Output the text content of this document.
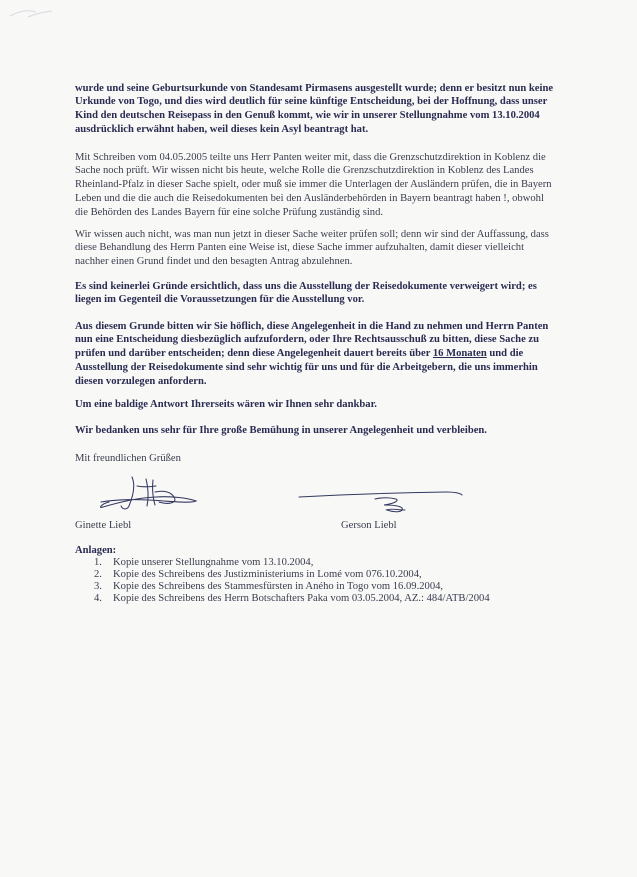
wurde und seine Geburtsurkunde von Standesamt Pirmasens ausgestellt wurde; denn er besitzt nun keine Urkunde von Togo, und dies wird deutlich für seine künftige Entscheidung, bei der Hoffnung, dass unser Kind den deutschen Reisepass in den Genuß kommt, wie wir in unserer Stellungnahme vom 13.10.2004 ausdrücklich erwähnt haben, weil dieses kein Asyl beantragt hat.

Mit Schreiben vom 04.05.2005 teilte uns Herr Panten weiter mit, dass die Grenzschutzdirektion in Koblenz die Sache noch prüft. Wir wissen nicht bis heute, welche Rolle die Grenzschutzdirektion in Koblenz des Landes Rheinland-Pfalz in dieser Sache spielt, oder muß sie immer die Unterlagen der Ausländern prüfen, die in Bayern Leben und die die auch die Reisedokumenten bei den Ausländerbehörden in Bayern beantragt haben !, obwohl die Behörden des Landes Bayern für eine solche Prüfung zuständig sind.

Wir wissen auch nicht, was man nun jetzt in dieser Sache weiter prüfen soll; denn wir sind der Auffassung, dass diese Behandlung des Herrn Panten eine Weise ist, diese Sache immer aufzuhalten, damit dieser vielleicht nachher einen Grund findet und den besagten Antrag abzulehnen.

Es sind keinerlei Gründe ersichtlich, dass uns die Ausstellung der Reisedokumente verweigert wird; es liegen im Gegenteil die Voraussetzungen für die Ausstellung vor.

Aus diesem Grunde bitten wir Sie höflich, diese Angelegenheit in die Hand zu nehmen und Herrn Panten nun eine Entscheidung diesbezüglich aufzufordern, oder Ihre Rechtsausschuß zu bitten, diese Sache zu prüfen und darüber entscheiden; denn diese Angelegenheit dauert bereits über 16 Monaten und die Ausstellung der Reisedokumente sind sehr wichtig für uns und für die Arbeitgebern, die uns immerhin diesen vorzulegen anfordern.

Um eine baldige Antwort Ihrerseits wären wir Ihnen sehr dankbar.

Wir bedanken uns sehr für Ihre große Bemühung in unserer Angelegenheit und verbleiben.

Mit freundlichen Grüßen
Ginette Liebl	Gerson Liebl
Anlagen:
1.	Kopie unserer Stellungnahme vom 13.10.2004,
2.	Kopie des Schreibens des Justizministeriums in Lomé vom 076.10.2004,
3.	Kopie des Schreibens des Stammesfürsten in Aného in Togo vom 16.09.2004,
4.	Kopie des Schreibens des Herrn Botschafters Paka vom 03.05.2004, AZ.: 484/ATB/2004
